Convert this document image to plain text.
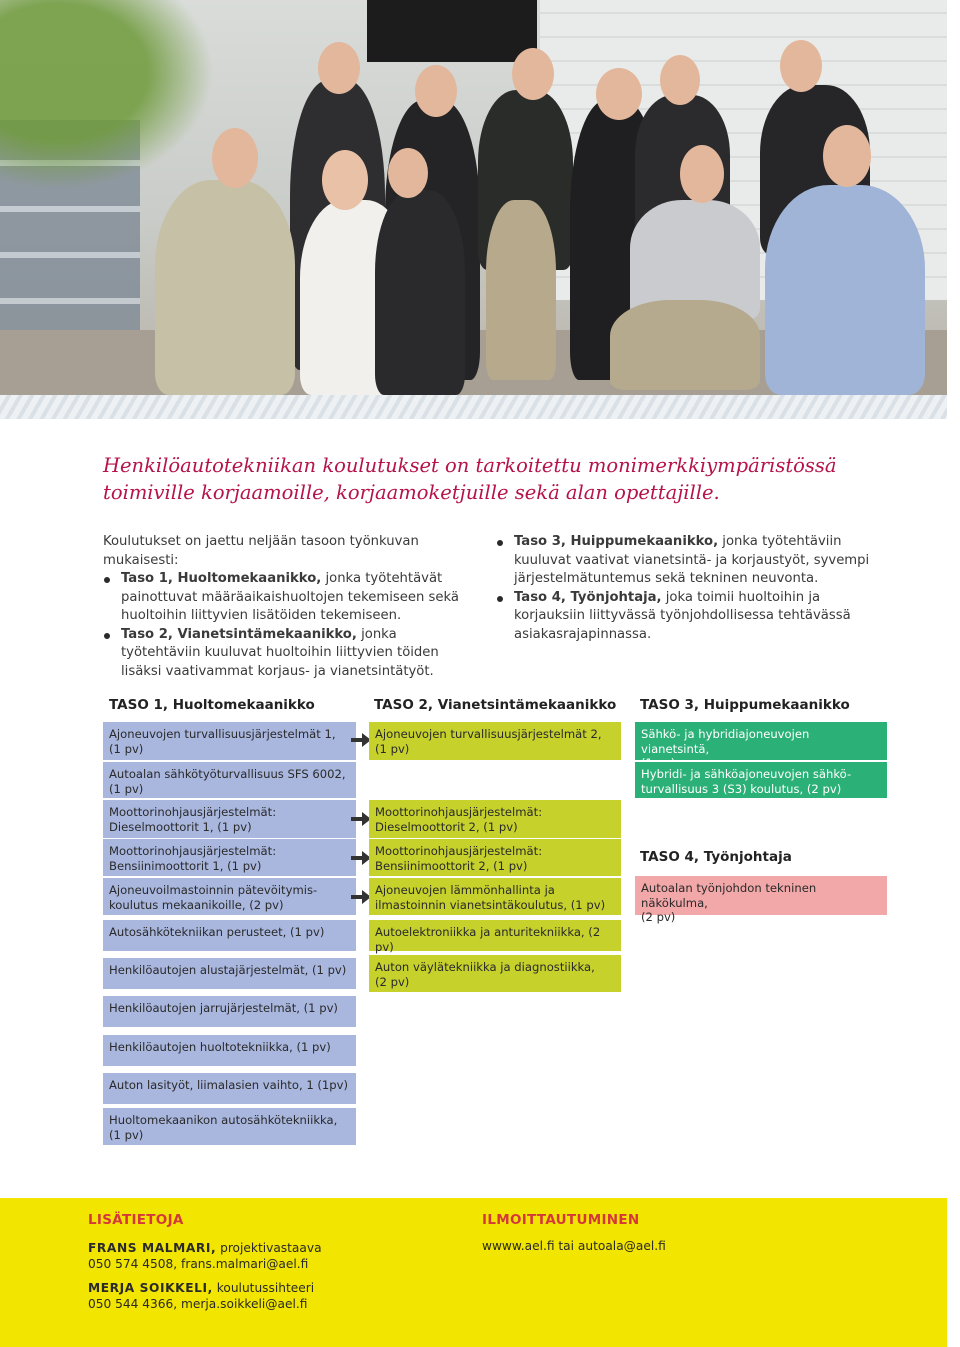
Henkilöautotekniikan koulutukset on tarkoitettu monimerkkiympäristössä
toimiville korjaamoille, korjaamoketjuille sekä alan opettajille.

Koulutukset on jaettu neljään tasoon työnkuvan mukaisesti:

Taso 1, Huoltomekaanikko, jonka työtehtävät painottuvat määräaikaishuoltojen tekemiseen sekä huoltoihin liittyvien lisätöiden tekemiseen.
Taso 2, Vianetsintämekaanikko, jonka työtehtäviin kuuluvat huoltoihin liittyvien töiden lisäksi vaativammat korjaus- ja vianetsintätyöt.
Taso 3, Huippumekaanikko, jonka työtehtäviin kuuluvat vaativat vianetsintä- ja korjaustyöt, syvempi järjestelmätuntemus sekä tekninen neuvonta.
Taso 4, Työnjohtaja, joka toimii huoltoihin ja korjauksiin liittyvässä työnjohdollisessa tehtävässä asiakasrajapinnassa.
TASO 1, Huoltomekaanikko	TASO 2, Vianetsintämekaanikko TASO 3, Huippumekaanikko
TASO 4, Työnjohtaja
Ajoneuvojen turvallisuusjärjestelmät 1,
(1 pv)
Autoalan sähkötyöturvallisuus SFS 6002,
(1 pv)
Moottorinohjausjärjestelmät:
Dieselmoottorit 1, (1 pv)
Moottorinohjausjärjestelmät:
Bensiinimoottorit 1, (1 pv)
Ajoneuvoilmastoinnin pätevöitymis-
koulutus mekaanikoille, (2 pv)
Autosähkötekniikan perusteet, (1 pv)
Henkilöautojen alustajärjestelmät, (1 pv)
Henkilöautojen jarrujärjestelmät, (1 pv)
Henkilöautojen huoltotekniikka, (1 pv)
Auton lasityöt, liimalasien vaihto, 1 (1pv)
Huoltomekaanikon autosähkötekniikka,
(1 pv)
Ajoneuvojen turvallisuusjärjestelmät 2,
(1 pv)
Moottorinohjausjärjestelmät:
Dieselmoottorit 2, (1 pv)
Moottorinohjausjärjestelmät:
Bensiinimoottorit 2, (1 pv)
Ajoneuvojen lämmönhallinta ja
ilmastoinnin vianetsintäkoulutus, (1 pv)
Autoelektroniikka ja anturitekniikka, (2 pv)
Auton väylätekniikka ja diagnostiikka,
(2 pv)
Sähkö- ja hybridiajoneuvojen vianetsintä,

Hybridi- ja sähköajoneuvojen sähkö-
turvallisuus 3 (S3) koulutus, (2 pv)
Autoalan työnjohdon tekninen näkökulma,
(2 pv)
LISÄTIETOJA
FRANS MALMARI, projektivastaava
050 574 4508, frans.malmari@ael.fi
MERJA SOIKKELI, koulutussihteeri
050 544 4366, merja.soikkeli@ael.fi
ILMOITTAUTUMINEN
wwww.ael.fi tai autoala@ael.fi
